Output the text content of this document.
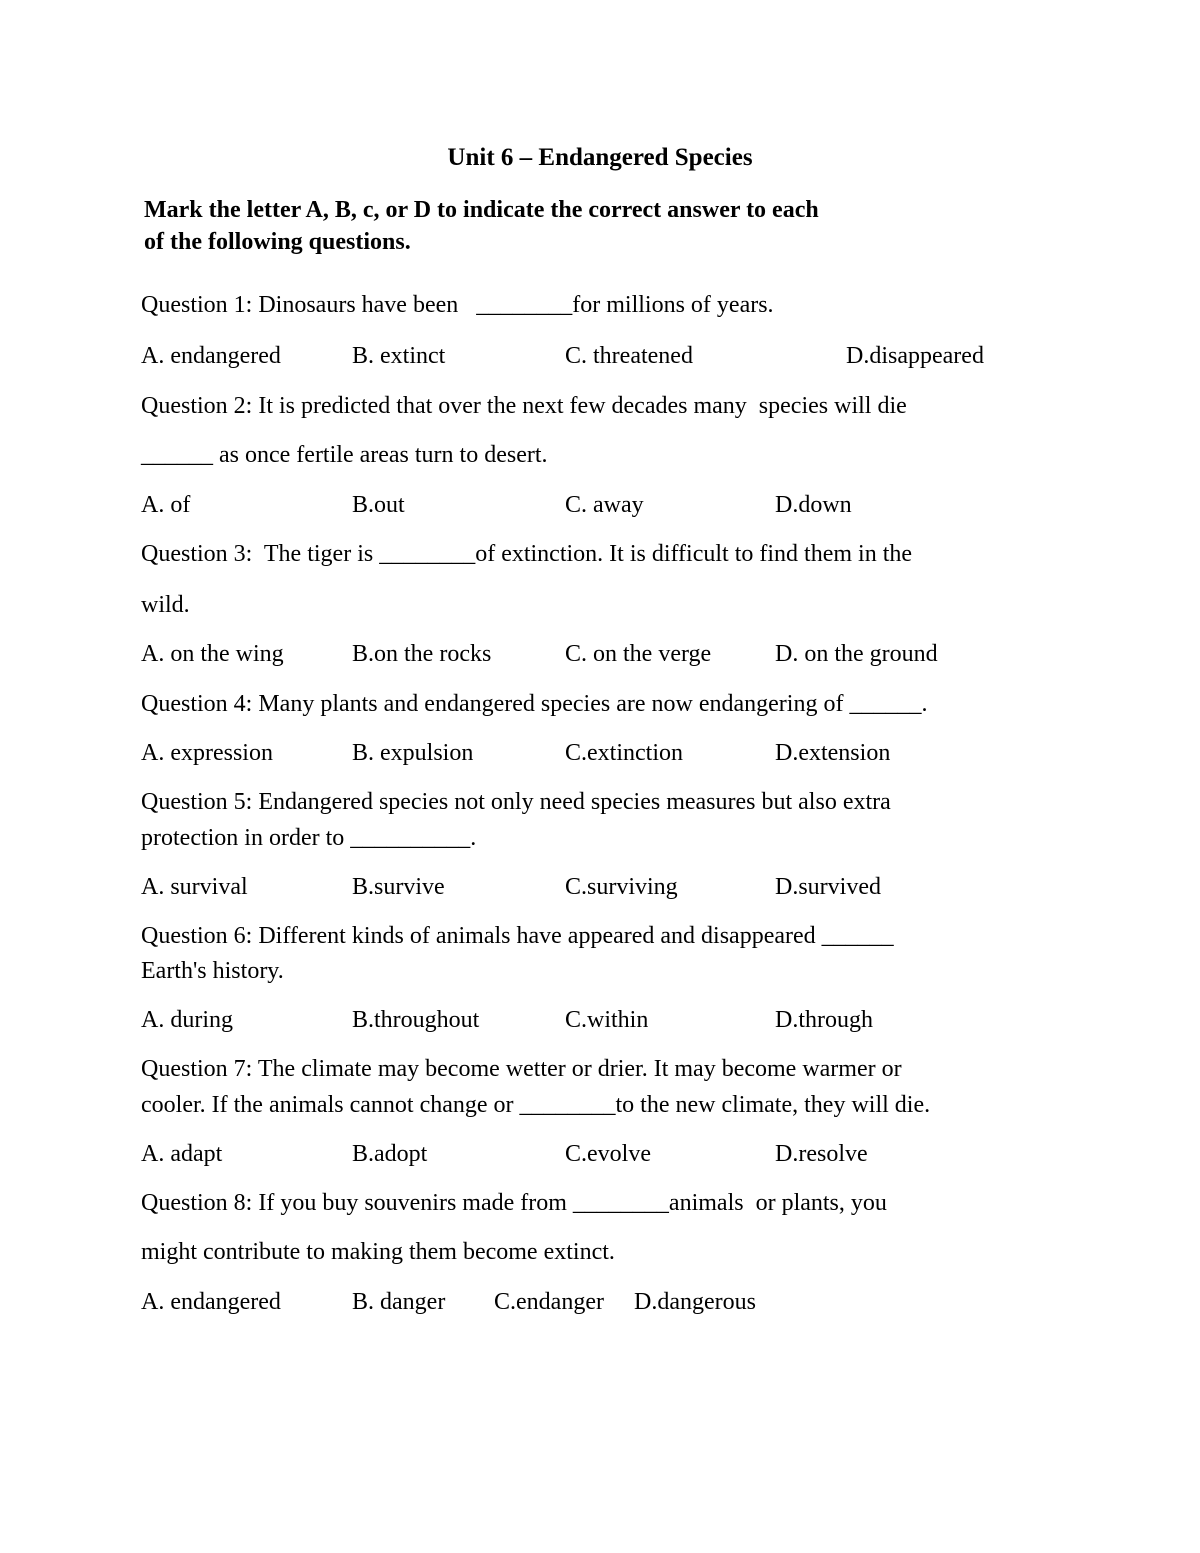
Unit 6 – Endangered Species
Mark the letter A, B, c, or D to indicate the correct answer to each
of the following questions.
Question 1: Dinosaurs have been   ________for millions of years.
A. endangered	B. extinct	C. threatened	D.disappeared
Question 2: It is predicted that over the next few decades many  species will die
______ as once fertile areas turn to desert.
A. of	B.out	C. away	D.down
Question 3:  The tiger is ________of extinction. It is difficult to find them in the
wild.
A. on the wing	B.on the rocks	C. on the verge	D. on the ground
Question 4: Many plants and endangered species are now endangering of ______.
A. expression	B. expulsion	C.extinction	D.extension
Question 5: Endangered species not only need species measures but also extra
protection in order to __________.
A. survival	B.survive	C.surviving	D.survived
Question 6: Different kinds of animals have appeared and disappeared ______
Earth's history.
A. during	B.throughout	C.within	D.through
Question 7: The climate may become wetter or drier. It may become warmer or
cooler. If the animals cannot change or ________to the new climate, they will die.
A. adapt	B.adopt	C.evolve	D.resolve
Question 8: If you buy souvenirs made from ________animals  or plants, you
might contribute to making them become extinct.
A. endangered	B. danger C.endanger D.dangerous
